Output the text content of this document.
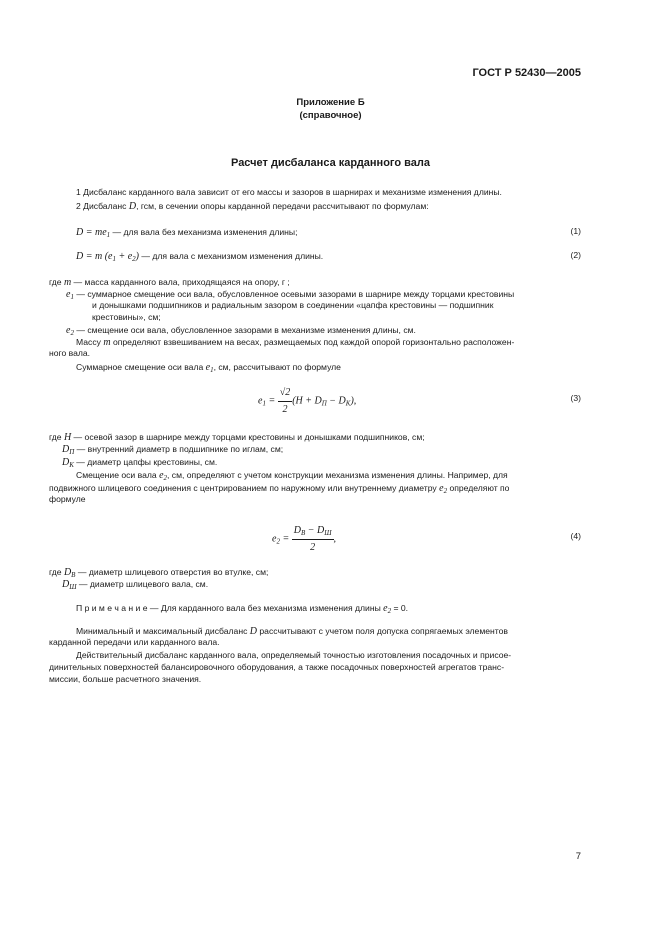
ГОСТ Р 52430—2005
Приложение Б
(справочное)
Расчет дисбаланса карданного вала
1 Дисбаланс карданного вала зависит от его массы и зазоров в шарнирах и механизме изменения длины.
2 Дисбаланс D, гсм, в сечении опоры карданной передачи рассчитывают по формулам:
$D = me_1$ — для вала без механизма изменения длины;	(1)
D = m $(e_1 + e_2)$ — для вала с механизмом изменения длины.	(2)
где m — масса карданного вала, приходящаяся на опору, г ;
$e_1$ — суммарное смещение оси вала, обусловленное осевыми зазорами в шарнире между торцами крестовины
и донышками подшипников и радиальным зазором в соединении «цапфа крестовины — подшипник
крестовины», см;
$e_2$ — смещение оси вала, обусловленное зазорами в механизме изменения длины, см.
Массу m определяют взвешиванием на весах, размещаемых под каждой опорой горизонтально расположен-
ного вала.
Суммарное смещение оси вала $e_1$, см, рассчитывают по формуле
$e_1 = \frac{√2}{2} (H + D_П - D_K)$,	(3)
где H — осевой зазор в шарнире между торцами крестовины и донышками подшипников, см;
$D_П$ — внутренний диаметр в подшипнике по иглам, см;
$D_K$ — диаметр цапфы крестовины, см.
Смещение оси вала $e_2$, см, определяют с учетом конструкции механизма изменения длины. Например, для
подвижного шлицевого соединения с центрированием по наружному или внутреннему диаметру $e_2$ определяют по
формуле
$e_2 = \frac{D_B - D_Ш}{2}$ ,	(4)
где $D_B$ — диаметр шлицевого отверстия во втулке, см;
$D_Ш$ — диаметр шлицевого вала, см.
П р и м е ч а н и е — Для карданного вала без механизма изменения длины $e_2 = 0$.
Минимальный и максимальный дисбаланс D рассчитывают с учетом поля допуска сопрягаемых элементов
карданной передачи или карданного вала.
Действительный дисбаланс карданного вала, определяемый точностью изготовления посадочных и присое-
динительных поверхностей балансировочного оборудования, а также посадочных поверхностей агрегатов транс-
миссии, больше расчетного значения.
7
